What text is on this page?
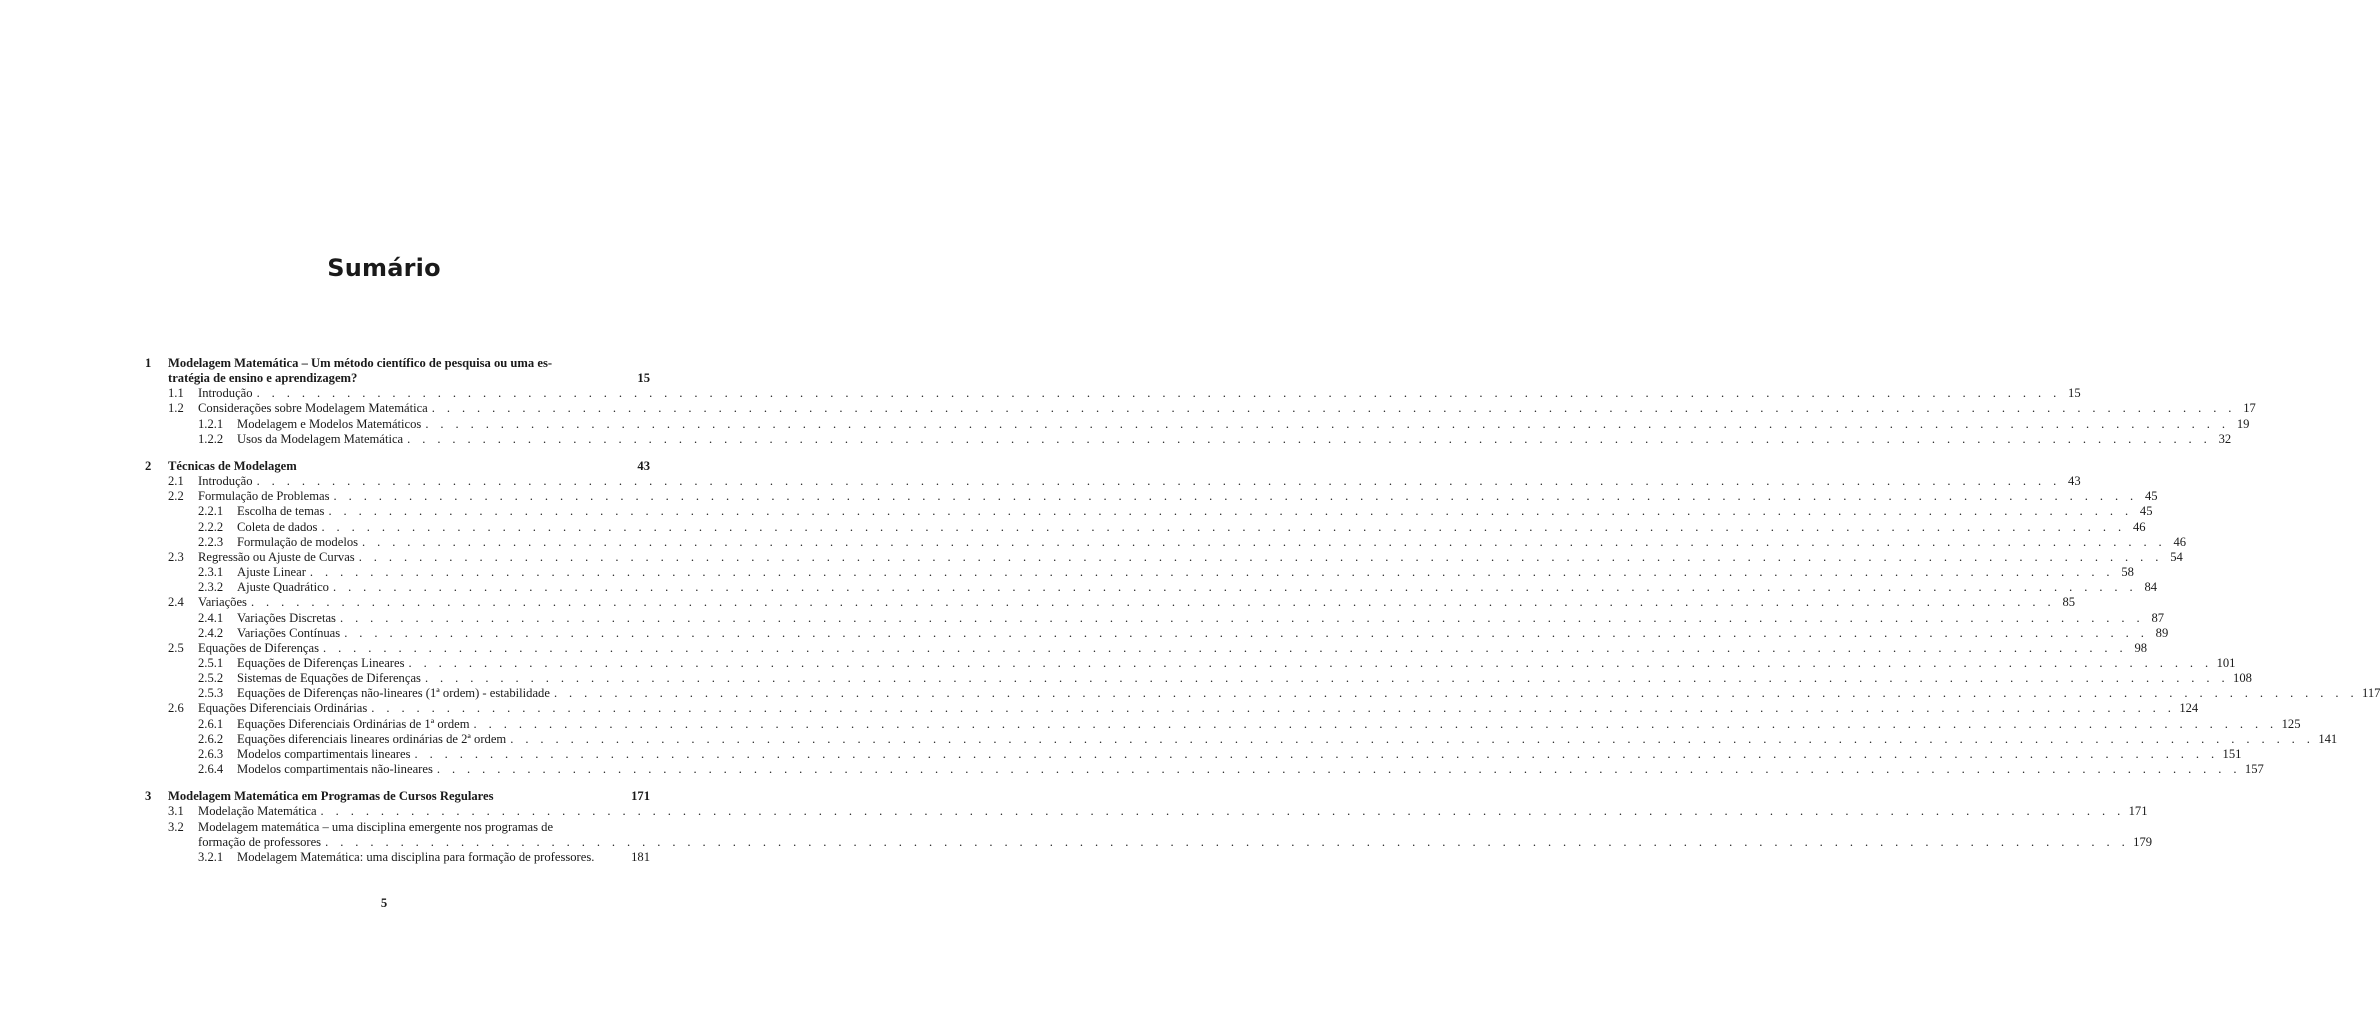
Sumário
1	Modelagem Matemática – Um método científico de pesquisa ou uma es-
tratégia de ensino e aprendizagem?	15
1.1	Introdução . . . . . . . . . . . . . . . . . . . . . . . . . . . . . . . . . . . . . . . . . . . . . . . . . . . . . . . . . . . . . . . . . . . . . . . . . . . . . . . . . . . . . . . . . . . . . . . . . . . . . . . . . . . . . . . . . . . . . . . . 15
1.2	Considerações sobre Modelagem Matemática . . . . . . . . . . . . . . . . . . . . . . . . . . . . . . . . . . . . . . . . . . . . . . . . . . . . . . . . . . . . . . . . . . . . . . . . . . . . . . . . . . . . . . . . . . . . . . . . . . . . . . . . . . . . . . . . . . . . . . . . 17
1.2.1	Modelagem e Modelos Matemáticos . . . . . . . . . . . . . . . . . . . . . . . . . . . . . . . . . . . . . . . . . . . . . . . . . . . . . . . . . . . . . . . . . . . . . . . . . . . . . . . . . . . . . . . . . . . . . . . . . . . . . . . . . . . . . . . . . . . . . . . . 19
1.2.2	Usos da Modelagem Matemática . . . . . . . . . . . . . . . . . . . . . . . . . . . . . . . . . . . . . . . . . . . . . . . . . . . . . . . . . . . . . . . . . . . . . . . . . . . . . . . . . . . . . . . . . . . . . . . . . . . . . . . . . . . . . . . . . . . . . . . . 32
2	Técnicas de Modelagem	43
2.1	Introdução . . . . . . . . . . . . . . . . . . . . . . . . . . . . . . . . . . . . . . . . . . . . . . . . . . . . . . . . . . . . . . . . . . . . . . . . . . . . . . . . . . . . . . . . . . . . . . . . . . . . . . . . . . . . . . . . . . . . . . . . 43
2.2	Formulação de Problemas . . . . . . . . . . . . . . . . . . . . . . . . . . . . . . . . . . . . . . . . . . . . . . . . . . . . . . . . . . . . . . . . . . . . . . . . . . . . . . . . . . . . . . . . . . . . . . . . . . . . . . . . . . . . . . . . . . . . . . . . 45
2.2.1	Escolha de temas . . . . . . . . . . . . . . . . . . . . . . . . . . . . . . . . . . . . . . . . . . . . . . . . . . . . . . . . . . . . . . . . . . . . . . . . . . . . . . . . . . . . . . . . . . . . . . . . . . . . . . . . . . . . . . . . . . . . . . . . 45
2.2.2	Coleta de dados . . . . . . . . . . . . . . . . . . . . . . . . . . . . . . . . . . . . . . . . . . . . . . . . . . . . . . . . . . . . . . . . . . . . . . . . . . . . . . . . . . . . . . . . . . . . . . . . . . . . . . . . . . . . . . . . . . . . . . . . 46
2.2.3	Formulação de modelos . . . . . . . . . . . . . . . . . . . . . . . . . . . . . . . . . . . . . . . . . . . . . . . . . . . . . . . . . . . . . . . . . . . . . . . . . . . . . . . . . . . . . . . . . . . . . . . . . . . . . . . . . . . . . . . . . . . . . . . . 46
2.3	Regressão ou Ajuste de Curvas . . . . . . . . . . . . . . . . . . . . . . . . . . . . . . . . . . . . . . . . . . . . . . . . . . . . . . . . . . . . . . . . . . . . . . . . . . . . . . . . . . . . . . . . . . . . . . . . . . . . . . . . . . . . . . . . . . . . . . . . 54
2.3.1	Ajuste Linear . . . . . . . . . . . . . . . . . . . . . . . . . . . . . . . . . . . . . . . . . . . . . . . . . . . . . . . . . . . . . . . . . . . . . . . . . . . . . . . . . . . . . . . . . . . . . . . . . . . . . . . . . . . . . . . . . . . . . . . . 58
2.3.2	Ajuste Quadrático . . . . . . . . . . . . . . . . . . . . . . . . . . . . . . . . . . . . . . . . . . . . . . . . . . . . . . . . . . . . . . . . . . . . . . . . . . . . . . . . . . . . . . . . . . . . . . . . . . . . . . . . . . . . . . . . . . . . . . . . 84
2.4	Variações . . . . . . . . . . . . . . . . . . . . . . . . . . . . . . . . . . . . . . . . . . . . . . . . . . . . . . . . . . . . . . . . . . . . . . . . . . . . . . . . . . . . . . . . . . . . . . . . . . . . . . . . . . . . . . . . . . . . . . . . 85
2.4.1	Variações Discretas . . . . . . . . . . . . . . . . . . . . . . . . . . . . . . . . . . . . . . . . . . . . . . . . . . . . . . . . . . . . . . . . . . . . . . . . . . . . . . . . . . . . . . . . . . . . . . . . . . . . . . . . . . . . . . . . . . . . . . . . 87
2.4.2	Variações Contínuas . . . . . . . . . . . . . . . . . . . . . . . . . . . . . . . . . . . . . . . . . . . . . . . . . . . . . . . . . . . . . . . . . . . . . . . . . . . . . . . . . . . . . . . . . . . . . . . . . . . . . . . . . . . . . . . . . . . . . . . . 89
2.5	Equações de Diferenças . . . . . . . . . . . . . . . . . . . . . . . . . . . . . . . . . . . . . . . . . . . . . . . . . . . . . . . . . . . . . . . . . . . . . . . . . . . . . . . . . . . . . . . . . . . . . . . . . . . . . . . . . . . . . . . . . . . . . . . . 98
2.5.1	Equações de Diferenças Lineares . . . . . . . . . . . . . . . . . . . . . . . . . . . . . . . . . . . . . . . . . . . . . . . . . . . . . . . . . . . . . . . . . . . . . . . . . . . . . . . . . . . . . . . . . . . . . . . . . . . . . . . . . . . . . . . . . . . . . . . . 101
2.5.2	Sistemas de Equações de Diferenças . . . . . . . . . . . . . . . . . . . . . . . . . . . . . . . . . . . . . . . . . . . . . . . . . . . . . . . . . . . . . . . . . . . . . . . . . . . . . . . . . . . . . . . . . . . . . . . . . . . . . . . . . . . . . . . . . . . . . . . . 108
2.5.3	Equações de Diferenças não-lineares (1ª ordem) - estabilidade . . . . . . . . . . . . . . . . . . . . . . . . . . . . . . . . . . . . . . . . . . . . . . . . . . . . . . . . . . . . . . . . . . . . . . . . . . . . . . . . . . . . . . . . . . . . . . . . . . . . . . . . . . . . . . . . . . . . . . . . 117
2.6	Equações Diferenciais Ordinárias . . . . . . . . . . . . . . . . . . . . . . . . . . . . . . . . . . . . . . . . . . . . . . . . . . . . . . . . . . . . . . . . . . . . . . . . . . . . . . . . . . . . . . . . . . . . . . . . . . . . . . . . . . . . . . . . . . . . . . . . 124
2.6.1	Equações Diferenciais Ordinárias de 1ª ordem . . . . . . . . . . . . . . . . . . . . . . . . . . . . . . . . . . . . . . . . . . . . . . . . . . . . . . . . . . . . . . . . . . . . . . . . . . . . . . . . . . . . . . . . . . . . . . . . . . . . . . . . . . . . . . . . . . . . . . . . 125
2.6.2	Equações diferenciais lineares ordinárias de 2ª ordem . . . . . . . . . . . . . . . . . . . . . . . . . . . . . . . . . . . . . . . . . . . . . . . . . . . . . . . . . . . . . . . . . . . . . . . . . . . . . . . . . . . . . . . . . . . . . . . . . . . . . . . . . . . . . . . . . . . . . . . . 141
2.6.3	Modelos compartimentais lineares . . . . . . . . . . . . . . . . . . . . . . . . . . . . . . . . . . . . . . . . . . . . . . . . . . . . . . . . . . . . . . . . . . . . . . . . . . . . . . . . . . . . . . . . . . . . . . . . . . . . . . . . . . . . . . . . . . . . . . . . 151
2.6.4	Modelos compartimentais não-lineares . . . . . . . . . . . . . . . . . . . . . . . . . . . . . . . . . . . . . . . . . . . . . . . . . . . . . . . . . . . . . . . . . . . . . . . . . . . . . . . . . . . . . . . . . . . . . . . . . . . . . . . . . . . . . . . . . . . . . . . . 157
3	Modelagem Matemática em Programas de Cursos Regulares	171
3.1	Modelação Matemática . . . . . . . . . . . . . . . . . . . . . . . . . . . . . . . . . . . . . . . . . . . . . . . . . . . . . . . . . . . . . . . . . . . . . . . . . . . . . . . . . . . . . . . . . . . . . . . . . . . . . . . . . . . . . . . . . . . . . . . . 171
3.2	Modelagem matemática – uma disciplina emergente nos programas de
formação de professores . . . . . . . . . . . . . . . . . . . . . . . . . . . . . . . . . . . . . . . . . . . . . . . . . . . . . . . . . . . . . . . . . . . . . . . . . . . . . . . . . . . . . . . . . . . . . . . . . . . . . . . . . . . . . . . . . . . . . . . . 179
3.2.1	Modelagem Matemática: uma disciplina para formação de professores.	181
5
